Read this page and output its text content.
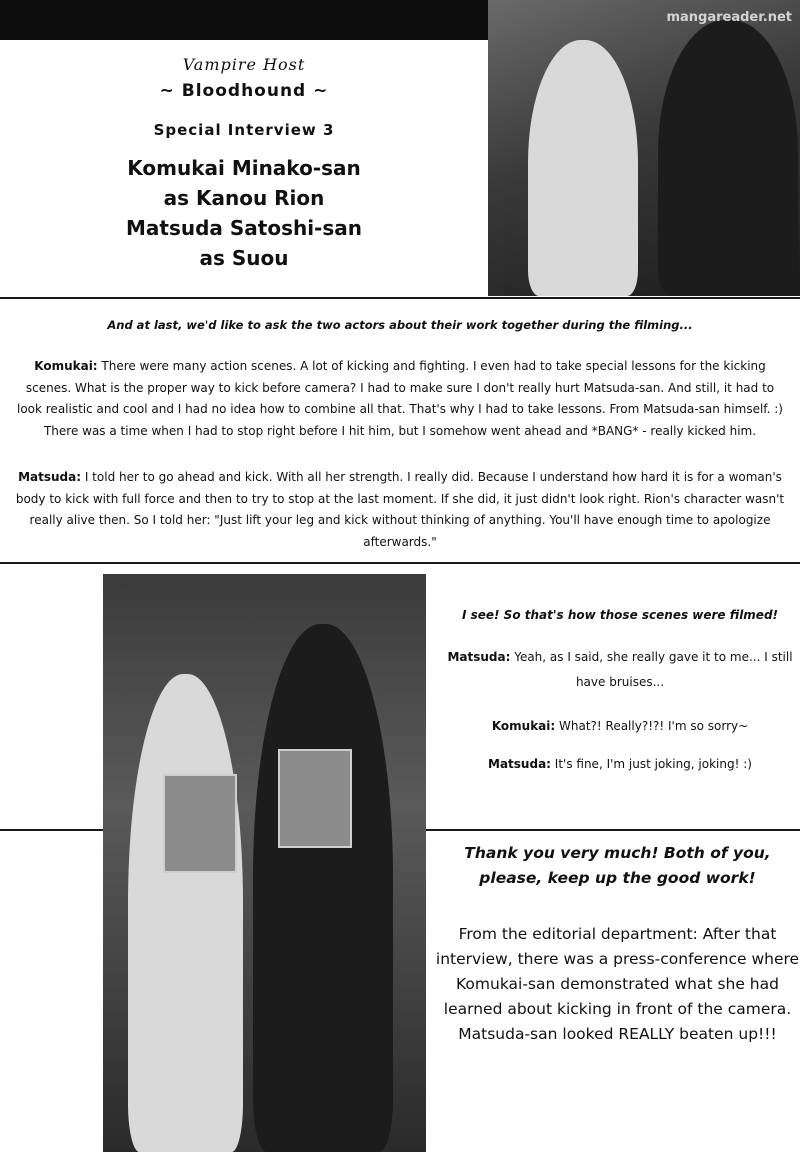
mangareader.net
Vampire Host
~ Bloodhound ~
Special Interview 3
Komukai Minako-san
as Kanou Rion
Matsuda Satoshi-san
as Suou
And at last, we'd like to ask the two actors about their work together during the filming...
Komukai: There were many action scenes. A lot of kicking and fighting. I even had to take special lessons for the kicking scenes. What is the proper way to kick before camera? I had to make sure I don't really hurt Matsuda-san. And still, it had to look realistic and cool and I had no idea how to combine all that. That's why I had to take lessons. From Matsuda-san himself. :) There was a time when I had to stop right before I hit him, but I somehow went ahead and *BANG* - really kicked him.
Matsuda: I told her to go ahead and kick. With all her strength. I really did. Because I understand how hard it is for a woman's body to kick with full force and then to try to stop at the last moment. If she did, it just didn't look right. Rion's character wasn't really alive then. So I told her: "Just lift your leg and kick without thinking of anything. You'll have enough time to apologize afterwards."
I see! So that's how those scenes were filmed!
Matsuda: Yeah, as I said, she really gave it to me... I still have bruises...
Komukai: What?! Really?!?! I'm so sorry~
Matsuda: It's fine, I'm just joking, joking! :)
Thank you very much! Both of you, please, keep up the good work!
From the editorial department: After that interview, there was a press-conference where Komukai-san demonstrated what she had learned about kicking in front of the camera.
Matsuda-san looked REALLY beaten up!!!
